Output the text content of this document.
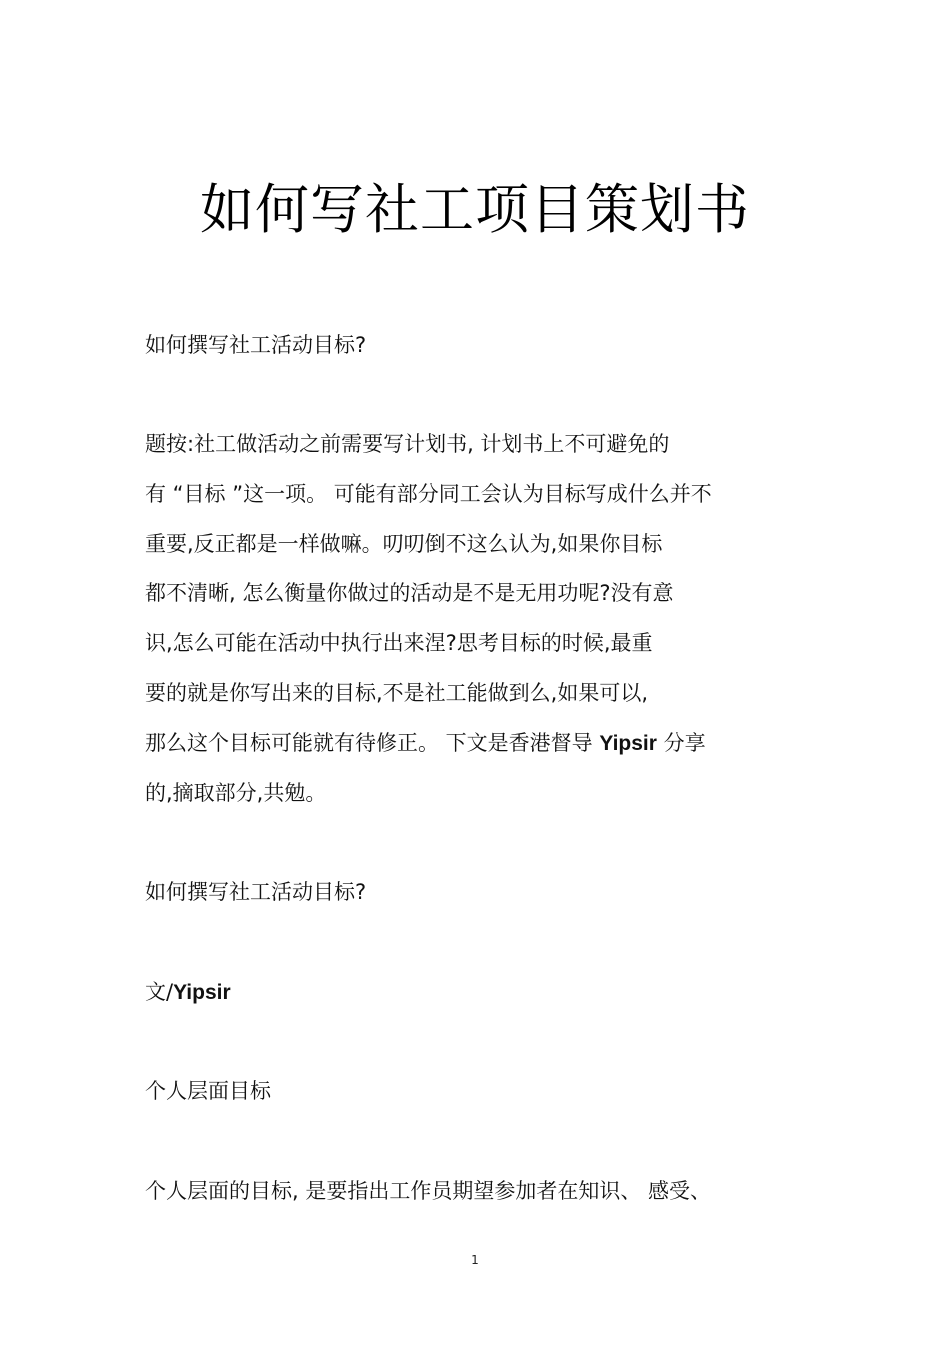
如何写社工项目策划书
如何撰写社工活动目标?
题按:社工做活动之前需要写计划书, 计划书上不可避免的
有 “目标 ”这一项。 可能有部分同工会认为目标写成什么并不
重要,反正都是一样做嘛。叨叨倒不这么认为,如果你目标
都不清晰, 怎么衡量你做过的活动是不是无用功呢?没有意
识,怎么可能在活动中执行出来涅?思考目标的时候,最重
要的就是你写出来的目标,不是社工能做到么,如果可以,
那么这个目标可能就有待修正。 下文是香港督导 Yipsir 分享
的,摘取部分,共勉。
如何撰写社工活动目标?
文/Yipsir
个人层面目标
个人层面的目标, 是要指出工作员期望参加者在知识、 感受、
1
